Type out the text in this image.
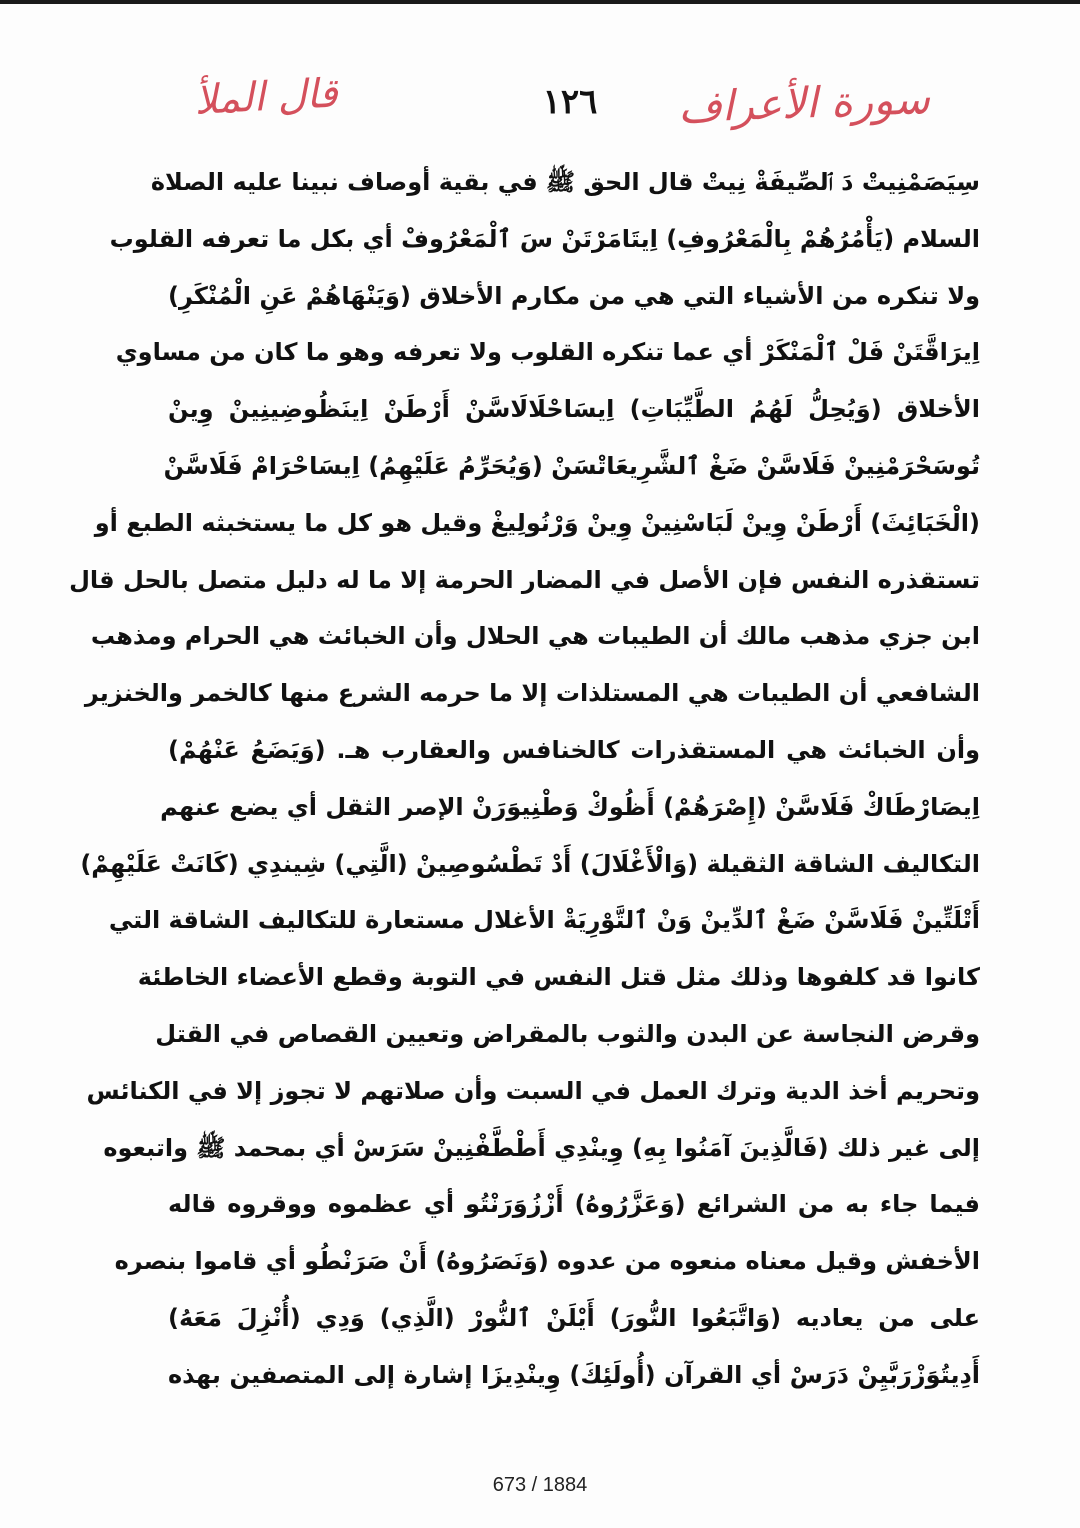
سورة الأعراف
١٢٦
قال الملأ
سِيَصَمْنِيتْ دَ ٱلصِّيفَةْ نِيتْ قال الحق ﷺ في بقية أوصاف نبينا عليه الصلاة
السلام (يَأْمُرُهُمْ بِالْمَعْرُوفِ) اِيتَامَرْتَنْ سَ ٱلْمَعْرُوفْ أي بكل ما تعرفه القلوب
ولا تنكره من الأشياء التي هي من مكارم الأخلاق (وَيَنْهَاهُمْ عَنِ الْمُنْكَرِ)
اِيرَاقَّتَنْ فَلْ ٱلْمَنْكَرْ أي عما تنكره القلوب ولا تعرفه وهو ما كان من مساوي
الأخلاق (وَيُحِلُّ لَهُمُ الطَّيِّبَاتِ) اِيسَاحْلَالَاسَّنْ أَرْطَنْ اِينَظُوضِينِينْ وِينْ
تُوسَحْرَمْنِينْ فَلَاسَّنْ ضَغْ ٱلشَّرِيعَاتْسَنْ (وَيُحَرِّمُ عَلَيْهِمُ) اِيسَاحْرَامْ فَلَاسَّنْ
(الْخَبَائِثَ) أَرْطَنْ وِينْ لَبَاسْنِينْ وِينْ وَرْنُولِيغْ وقيل هو كل ما يستخبثه الطبع أو
تستقذره النفس فإن الأصل في المضار الحرمة إلا ما له دليل متصل بالحل قال
ابن جزي مذهب مالك أن الطيبات هي الحلال وأن الخبائث هي الحرام ومذهب
الشافعي أن الطيبات هي المستلذات إلا ما حرمه الشرع منها كالخمر والخنزير
وأن الخبائث هي المستقذرات كالخنافس والعقارب هـ. (وَيَضَعُ عَنْهُمْ)
اِيصَارْطَاكْ فَلَاسَّنْ (إِصْرَهُمْ) أَظُوكْ وَطْنِيوَرَنْ الإصر الثقل أي يضع عنهم
التكاليف الشاقة الثقيلة (وَالْأَغْلَالَ) أَدْ تَطْسُوصِينْ (الَّتِي) شِيندِي (كَانَتْ عَلَيْهِمْ)
أَتْلَتِّينْ فَلَاسَّنْ ضَغْ ٱلدِّينْ وَنْ ٱلتَّوْرِيَةْ الأغلال مستعارة للتكاليف الشاقة التي
كانوا قد كلفوها وذلك مثل قتل النفس في التوبة وقطع الأعضاء الخاطئة
وقرض النجاسة عن البدن والثوب بالمقراض وتعيين القصاص في القتل
وتحريم أخذ الدية وترك العمل في السبت وأن صلاتهم لا تجوز إلا في الكنائس
إلى غير ذلك (فَالَّذِينَ آمَنُوا بِهِ) وِينْدِي أَطْطَّفْنِينْ سَرَسْ أي بمحمد ﷺ واتبعوه
فيما جاء به من الشرائع (وَعَزَّرُوهُ) أَزْزُوَرَنْتُو أي عظموه ووقروه قاله
الأخفش وقيل معناه منعوه من عدوه (وَنَصَرُوهُ) أَنْ صَرَنْطُو أي قاموا بنصره
على من يعاديه (وَاتَّبَعُوا النُّورَ) أَيْلَنْ ٱلنُّورْ (الَّذِي) وَدِي (أُنْزِلَ مَعَهُ)
أَدِيتُوَزْرَبَّيِنْ دَرَسْ أي القرآن (أُولَئِكَ) وِينْدِيزَا إشارة إلى المتصفين بهذه
673 / 1884
